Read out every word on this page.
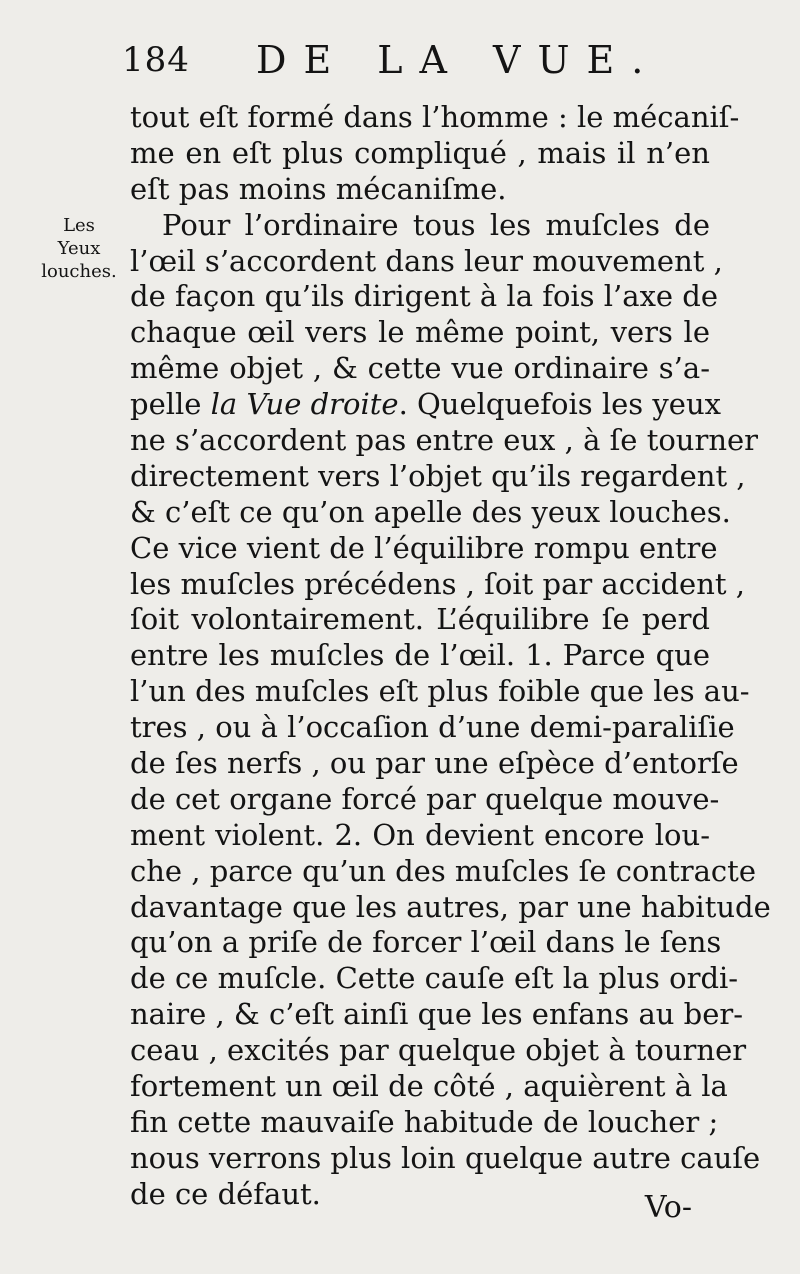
184 DE LA VUE.
Les
Yeux
louches.
tout eſt formé dans l’homme : le mécaniſ-
me en eſt plus compliqué , mais il n’en
eſt pas moins mécaniſme.
Pour l’ordinaire tous les muſcles de
l’œil s’accordent dans leur mouvement ,
de façon qu’ils dirigent à la fois l’axe de
chaque œil vers le même point, vers le
même objet , & cette vue ordinaire s’a-
pelle la Vue droite. Quelquefois les yeux
ne s’accordent pas entre eux , à ſe tourner
directement vers l’objet qu’ils regardent ,
& c’eſt ce qu’on apelle des yeux louches.
Ce vice vient de l’équilibre rompu entre
les muſcles précédens , ſoit par accident ,
ſoit volontairement. L’équilibre ſe perd
entre les muſcles de l’œil. 1. Parce que
l’un des muſcles eſt plus foible que les au-
tres , ou à l’occaſion d’une demi-paraliſie
de ſes nerfs , ou par une eſpèce d’entorſe
de cet organe forcé par quelque mouve-
ment violent. 2. On devient encore lou-
che , parce qu’un des muſcles ſe contracte
davantage que les autres, par une habitude
qu’on a priſe de forcer l’œil dans le ſens
de ce muſcle. Cette cauſe eſt la plus ordi-
naire , & c’eſt ainſi que les enfans au ber-
ceau , excités par quelque objet à tourner
fortement un œil de côté , aquièrent à la
fin cette mauvaiſe habitude de loucher ;
nous verrons plus loin quelque autre cauſe
de ce défaut.	Vo-
